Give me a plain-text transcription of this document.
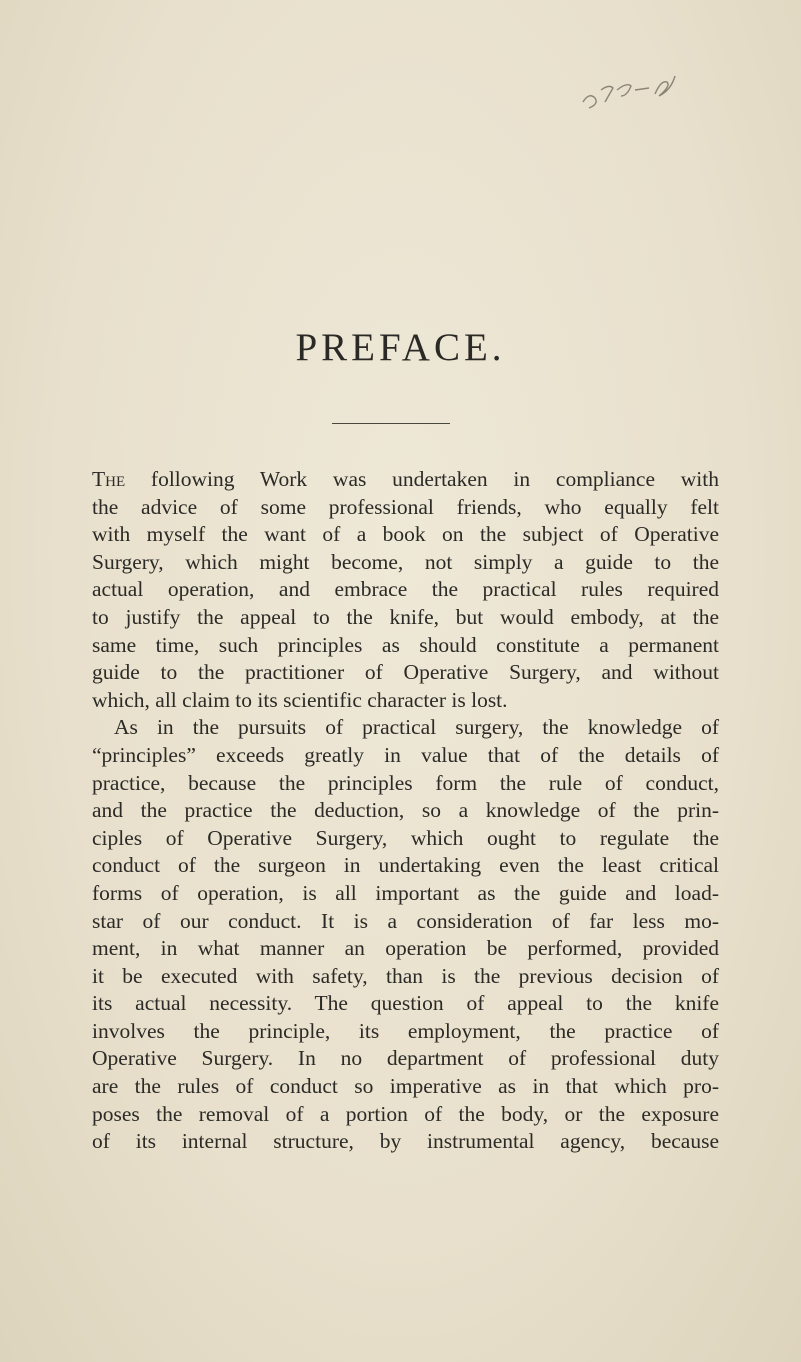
PREFACE.
The following Work was undertaken in compliance with
the advice of some professional friends, who equally felt
with myself the want of a book on the subject of Operative
Surgery, which might become, not simply a guide to the
actual operation, and embrace the practical rules required
to justify the appeal to the knife, but would embody, at the
same time, such principles as should constitute a permanent
guide to the practitioner of Operative Surgery, and without
which, all claim to its scientific character is lost.
As in the pursuits of practical surgery, the knowledge of
“principles” exceeds greatly in value that of the details of
practice, because the principles form the rule of conduct,
and the practice the deduction, so a knowledge of the prin-
ciples of Operative Surgery, which ought to regulate the
conduct of the surgeon in undertaking even the least critical
forms of operation, is all important as the guide and load-
star of our conduct. It is a consideration of far less mo-
ment, in what manner an operation be performed, provided
it be executed with safety, than is the previous decision of
its actual necessity. The question of appeal to the knife
involves the principle, its employment, the practice of
Operative Surgery. In no department of professional duty
are the rules of conduct so imperative as in that which pro-
poses the removal of a portion of the body, or the exposure
of its internal structure, by instrumental agency, because
